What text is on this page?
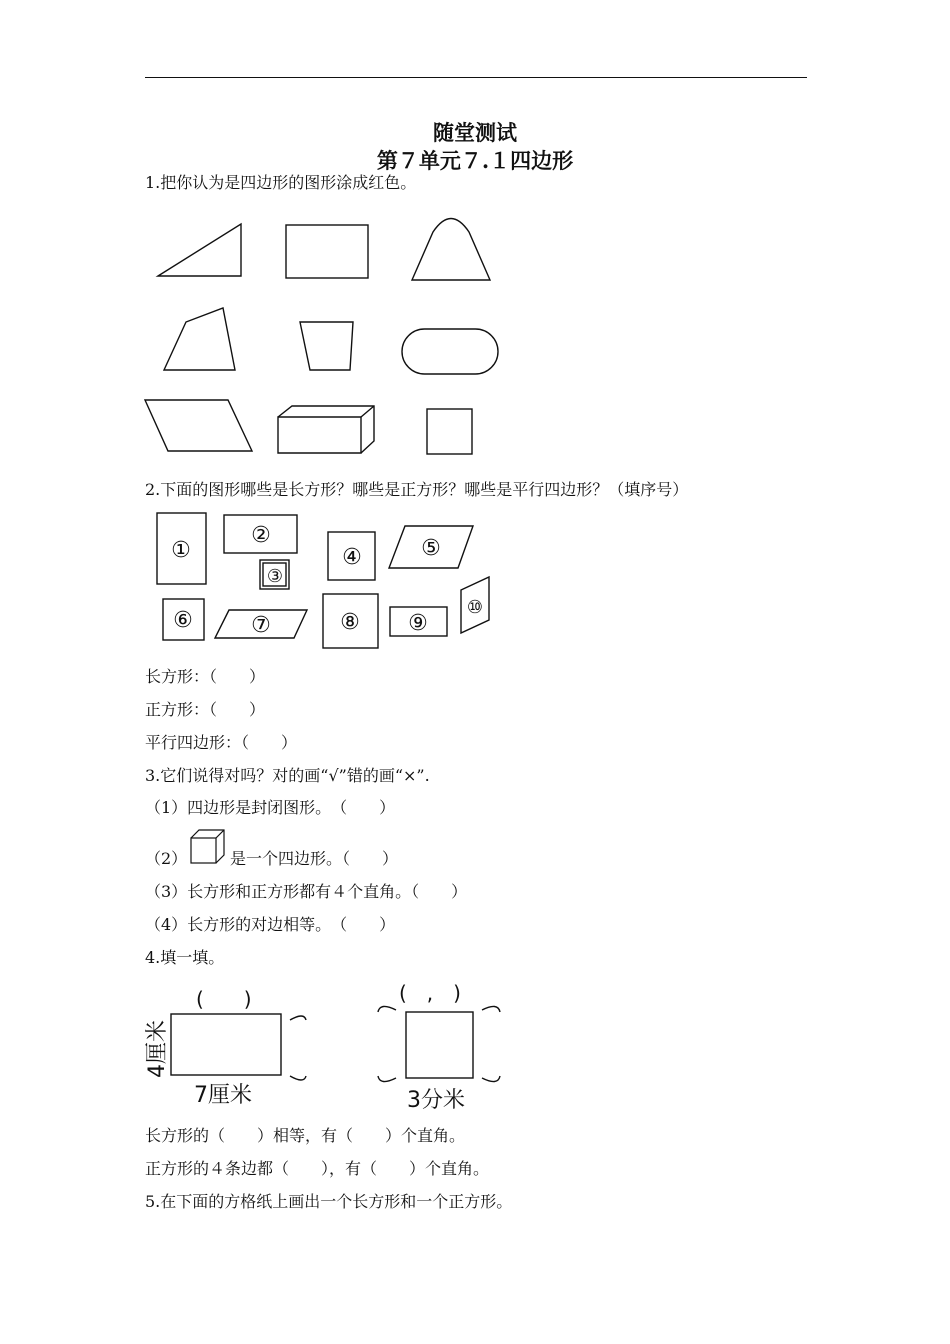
随堂测试
第７单元７.１四边形
1.把你认为是四边形的图形涂成红色。
2.下面的图形哪些是长方形？哪些是正方形？哪些是平行四边形？（填序号）
①
②
③
④	⑤
⑥	⑦	⑧ ⑨
⑩
长方形：（　　）
正方形：（　　）
平行四边形：（　　）
3.它们说得对吗？对的画“√”错的画“×”.
（1）四边形是封闭图形。　（　　）
（2）	是一个四边形。（　　）
（3）长方形和正方形都有４个直角。（　　）
（4）长方形的对边相等。　（　　）
4.填一填。
(　　)	(　,　)
4厘米
7厘米	3分米
长方形的（　　）相等，有（　　）个直角。
正方形的４条边都（　　），有（　　）个直角。
5.在下面的方格纸上画出一个长方形和一个正方形。
